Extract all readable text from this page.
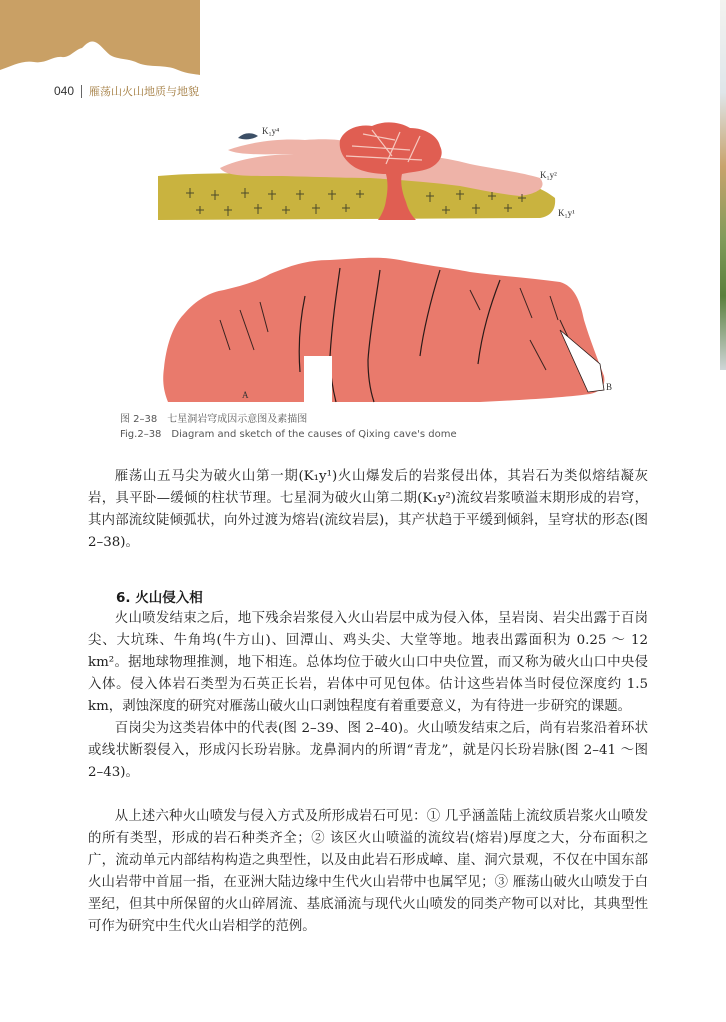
040 雁荡山火山地质与地貌
K₁y⁴
K₁y²
K₁y¹
A
B
图 2–38　七星洞岩穹成因示意图及素描图
Fig.2–38　Diagram and sketch of the causes of Qixing cave's dome

雁荡山五马尖为破火山第一期(K₁y¹)火山爆发后的岩浆侵出体，其岩石为类似熔结凝灰岩，具平卧—缓倾的柱状节理。七星洞为破火山第二期(K₁y²)流纹岩浆喷溢末期形成的岩穹，其内部流纹陡倾弧状，向外过渡为熔岩(流纹岩层)，其产状趋于平缓到倾斜，呈穹状的形态(图 2–38)。

6. 火山侵入相

火山喷发结束之后，地下残余岩浆侵入火山岩层中成为侵入体，呈岩岗、岩尖出露于百岗尖、大坑珠、牛角坞(牛方山)、回潭山、鸡头尖、大堂等地。地表出露面积为 0.25 ～ 12 km²。据地球物理推测，地下相连。总体均位于破火山口中央位置，而又称为破火山口中央侵入体。侵入体岩石类型为石英正长岩，岩体中可见包体。估计这些岩体当时侵位深度约 1.5 km，剥蚀深度的研究对雁荡山破火山口剥蚀程度有着重要意义，为有待进一步研究的课题。

百岗尖为这类岩体中的代表(图 2–39、图 2–40)。火山喷发结束之后，尚有岩浆沿着环状或线状断裂侵入，形成闪长玢岩脉。龙鼻洞内的所谓“青龙”，就是闪长玢岩脉(图 2–41 ～图 2–43)。

从上述六种火山喷发与侵入方式及所形成岩石可见：① 几乎涵盖陆上流纹质岩浆火山喷发的所有类型，形成的岩石种类齐全；② 该区火山喷溢的流纹岩(熔岩)厚度之大，分布面积之广，流动单元内部结构构造之典型性，以及由此岩石形成嶂、崖、洞穴景观，不仅在中国东部火山岩带中首屈一指，在亚洲大陆边缘中生代火山岩带中也属罕见；③ 雁荡山破火山喷发于白垩纪，但其中所保留的火山碎屑流、基底涌流与现代火山喷发的同类产物可以对比，其典型性可作为研究中生代火山岩相学的范例。
